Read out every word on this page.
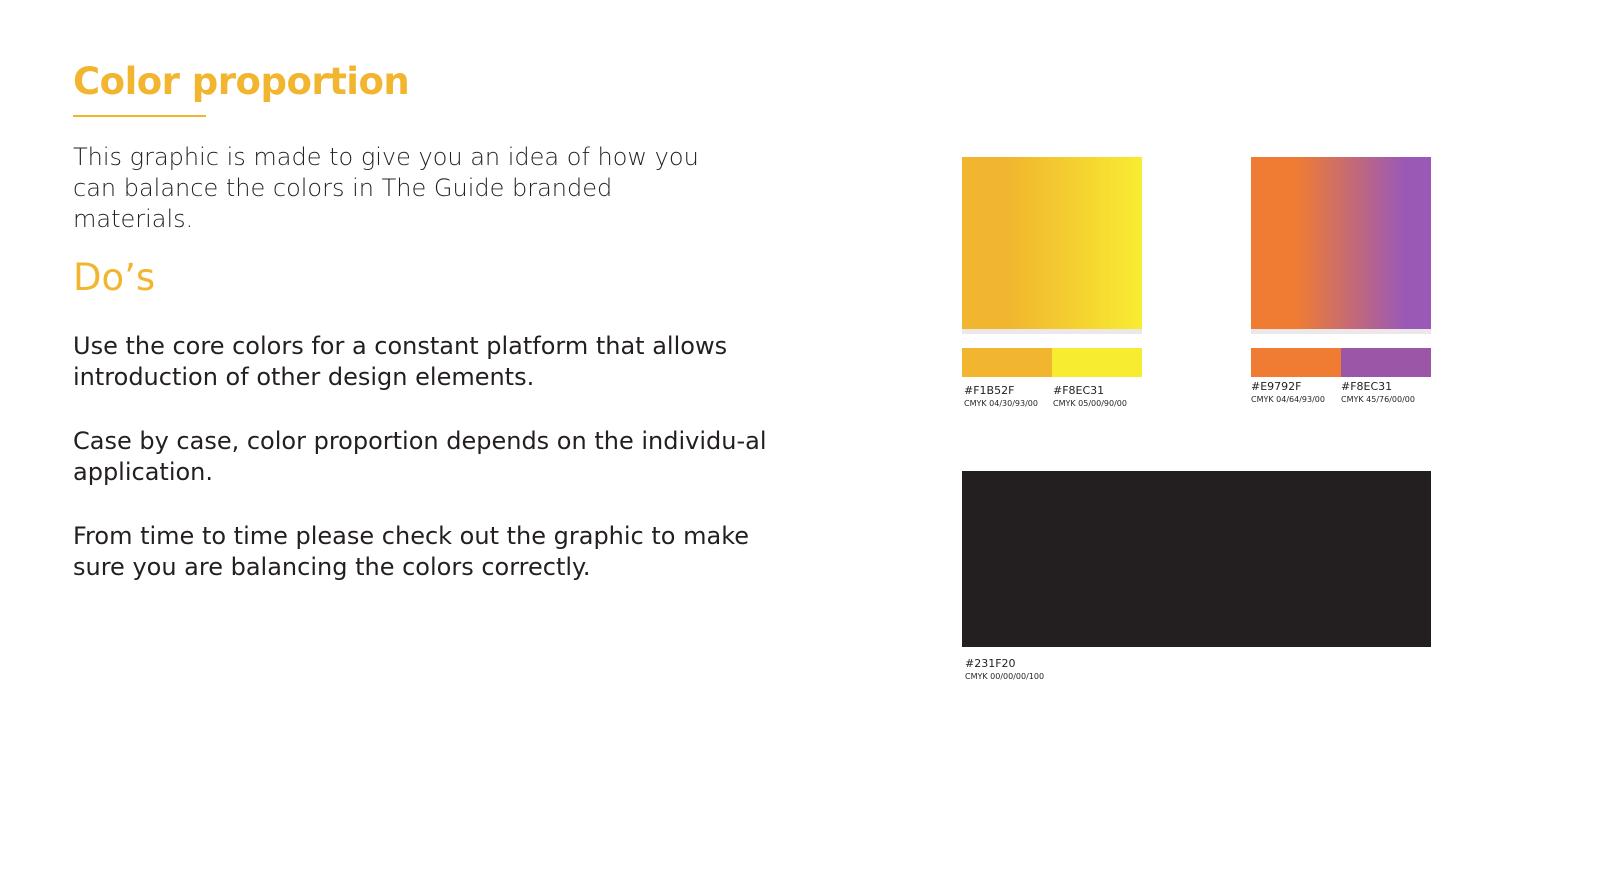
Color proportion

This graphic is made to give you an idea of how you can balance the colors in The Guide branded materials.

Do’s

Use the core colors for a constant platform that allows introduction of other design elements.

Case by case, color proportion depends on the individu-al application.

From time to time please check out the graphic to make sure you are balancing the colors correctly.

#F1B52F
CMYK 04/30/93/00
#F8EC31
CMYK 05/00/90/00
#E9792F
CMYK 04/64/93/00
#F8EC31
CMYK 45/76/00/00
#231F20
CMYK 00/00/00/100
